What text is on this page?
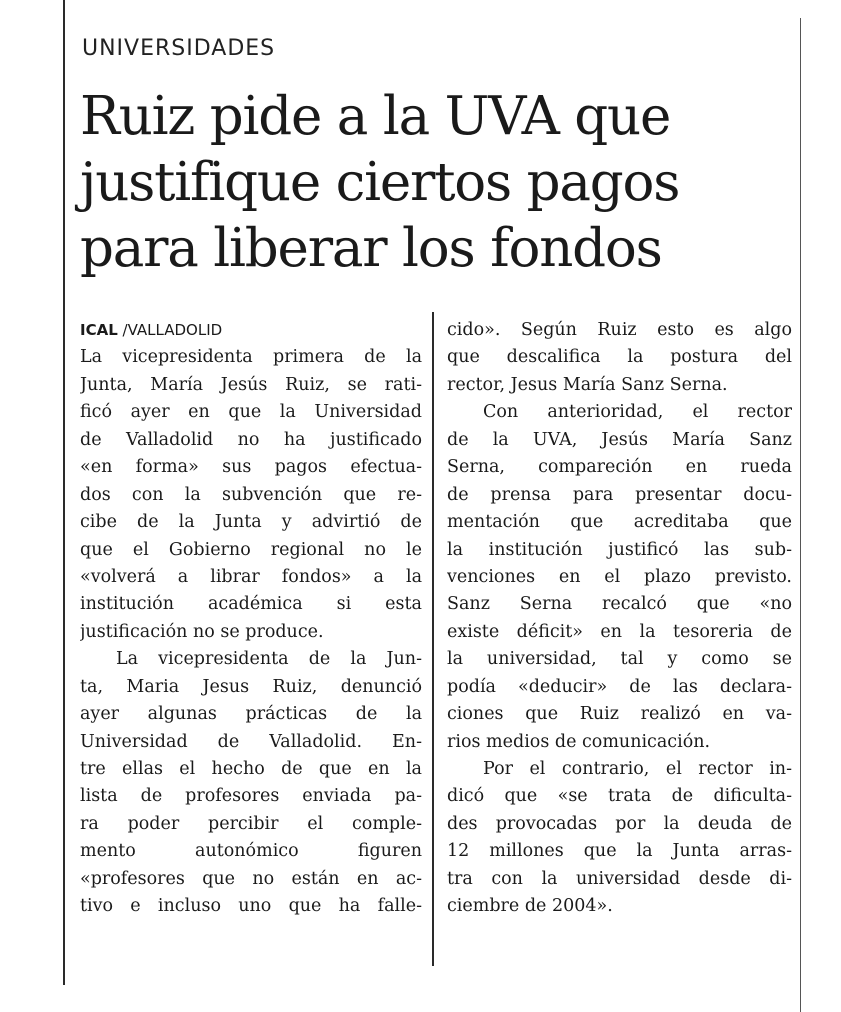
UNIVERSIDADES
Ruiz pide a la UVA que
justifique ciertos pagos
para liberar los fondos
ICAL /VALLADOLID
La vicepresidenta primera de la
Junta, María Jesús Ruiz, se rati-
ficó ayer en que la Universidad
de Valladolid no ha justificado
«en forma» sus pagos efectua-
dos con la subvención que re-
cibe de la Junta y advirtió de
que el Gobierno regional no le
«volverá a librar fondos» a la
institución académica si esta
justificación no se produce.
La vicepresidenta de la Jun-
ta, Maria Jesus Ruiz, denunció
ayer algunas prácticas de la
Universidad de Valladolid. En-
tre ellas el hecho de que en la
lista de profesores enviada pa-
ra poder percibir el comple-
mento autonómico figuren
«profesores que no están en ac-
tivo e incluso uno que ha falle-
cido». Según Ruiz esto es algo
que descalifica la postura del
rector, Jesus María Sanz Serna.
Con anterioridad, el rector
de la UVA, Jesús María Sanz
Serna, compareción en rueda
de prensa para presentar docu-
mentación que acreditaba que
la institución justificó las sub-
venciones en el plazo previsto.
Sanz Serna recalcó que «no
existe déficit» en la tesoreria de
la universidad, tal y como se
podía «deducir» de las declara-
ciones que Ruiz realizó en va-
rios medios de comunicación.
Por el contrario, el rector in-
dicó que «se trata de dificulta-
des provocadas por la deuda de
12 millones que la Junta arras-
tra con la universidad desde di-
ciembre de 2004».
